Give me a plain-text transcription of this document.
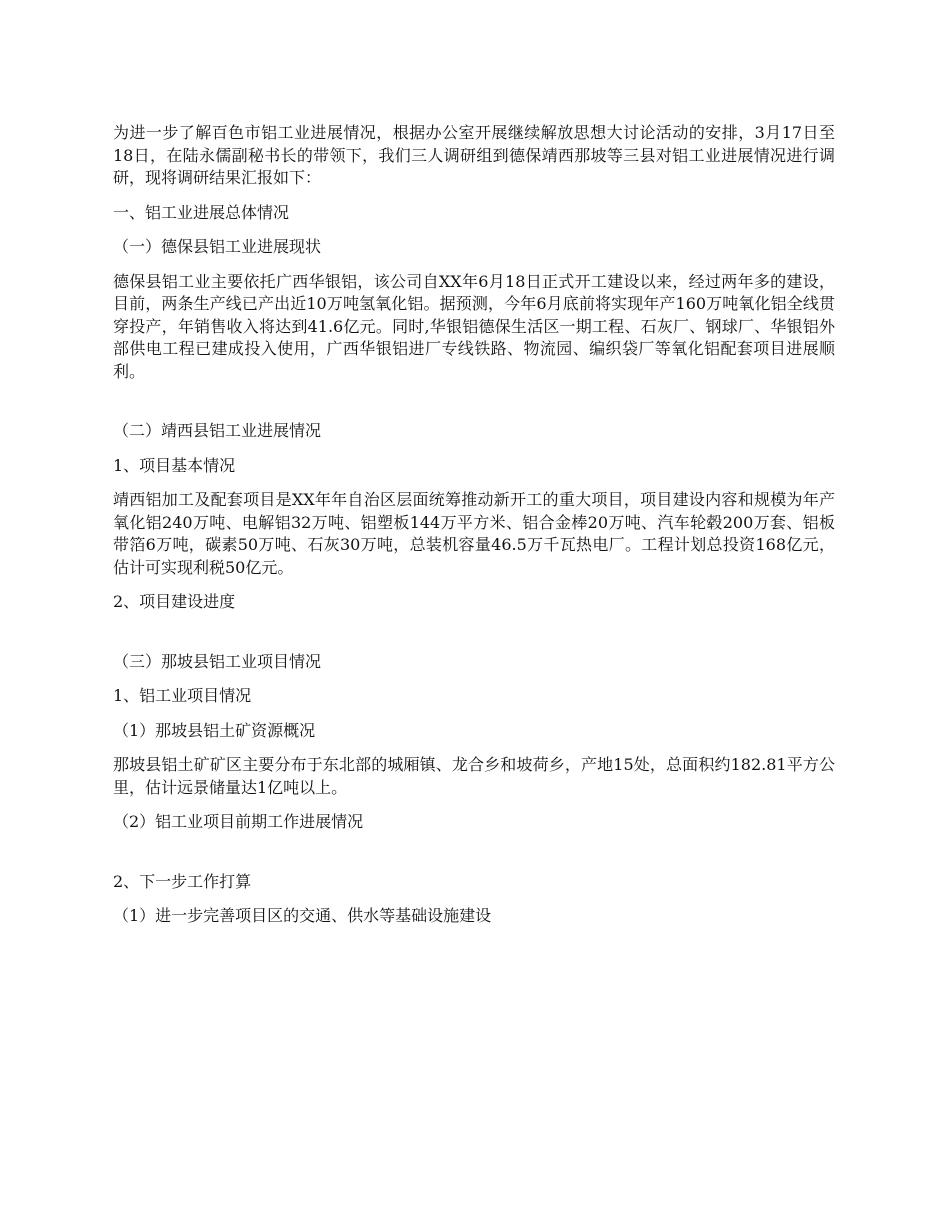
为进一步了解百色市铝工业进展情况，根据办公室开展继续解放思想大讨论活动的安排，3月17日至18日，在陆永儒副秘书长的带领下，我们三人调研组到德保靖西那坡等三县对铝工业进展情况进行调研，现将调研结果汇报如下：

一、铝工业进展总体情况

（一）德保县铝工业进展现状

德保县铝工业主要依托广西华银铝，该公司自XX年6月18日正式开工建设以来，经过两年多的建设，目前，两条生产线已产出近10万吨氢氧化铝。据预测，今年6月底前将实现年产160万吨氧化铝全线贯穿投产，年销售收入将达到41.6亿元。同时,华银铝德保生活区一期工程、石灰厂、钢球厂、华银铝外部供电工程已建成投入使用，广西华银铝进厂专线铁路、物流园、编织袋厂等氧化铝配套项目进展顺利。

（二）靖西县铝工业进展情况

1、项目基本情况

靖西铝加工及配套项目是XX年年自治区层面统筹推动新开工的重大项目，项目建设内容和规模为年产氧化铝240万吨、电解铝32万吨、铝塑板144万平方米、铝合金棒20万吨、汽车轮毂200万套、铝板带箔6万吨，碳素50万吨、石灰30万吨，总装机容量46.5万千瓦热电厂。工程计划总投资168亿元，估计可实现利税50亿元。

2、项目建设进度

（三）那坡县铝工业项目情况

1、铝工业项目情况

（1）那坡县铝土矿资源概况

那坡县铝土矿矿区主要分布于东北部的城厢镇、龙合乡和坡荷乡，产地15处，总面积约182.81平方公里，估计远景储量达1亿吨以上。

（2）铝工业项目前期工作进展情况

2、下一步工作打算

（1）进一步完善项目区的交通、供水等基础设施建设
